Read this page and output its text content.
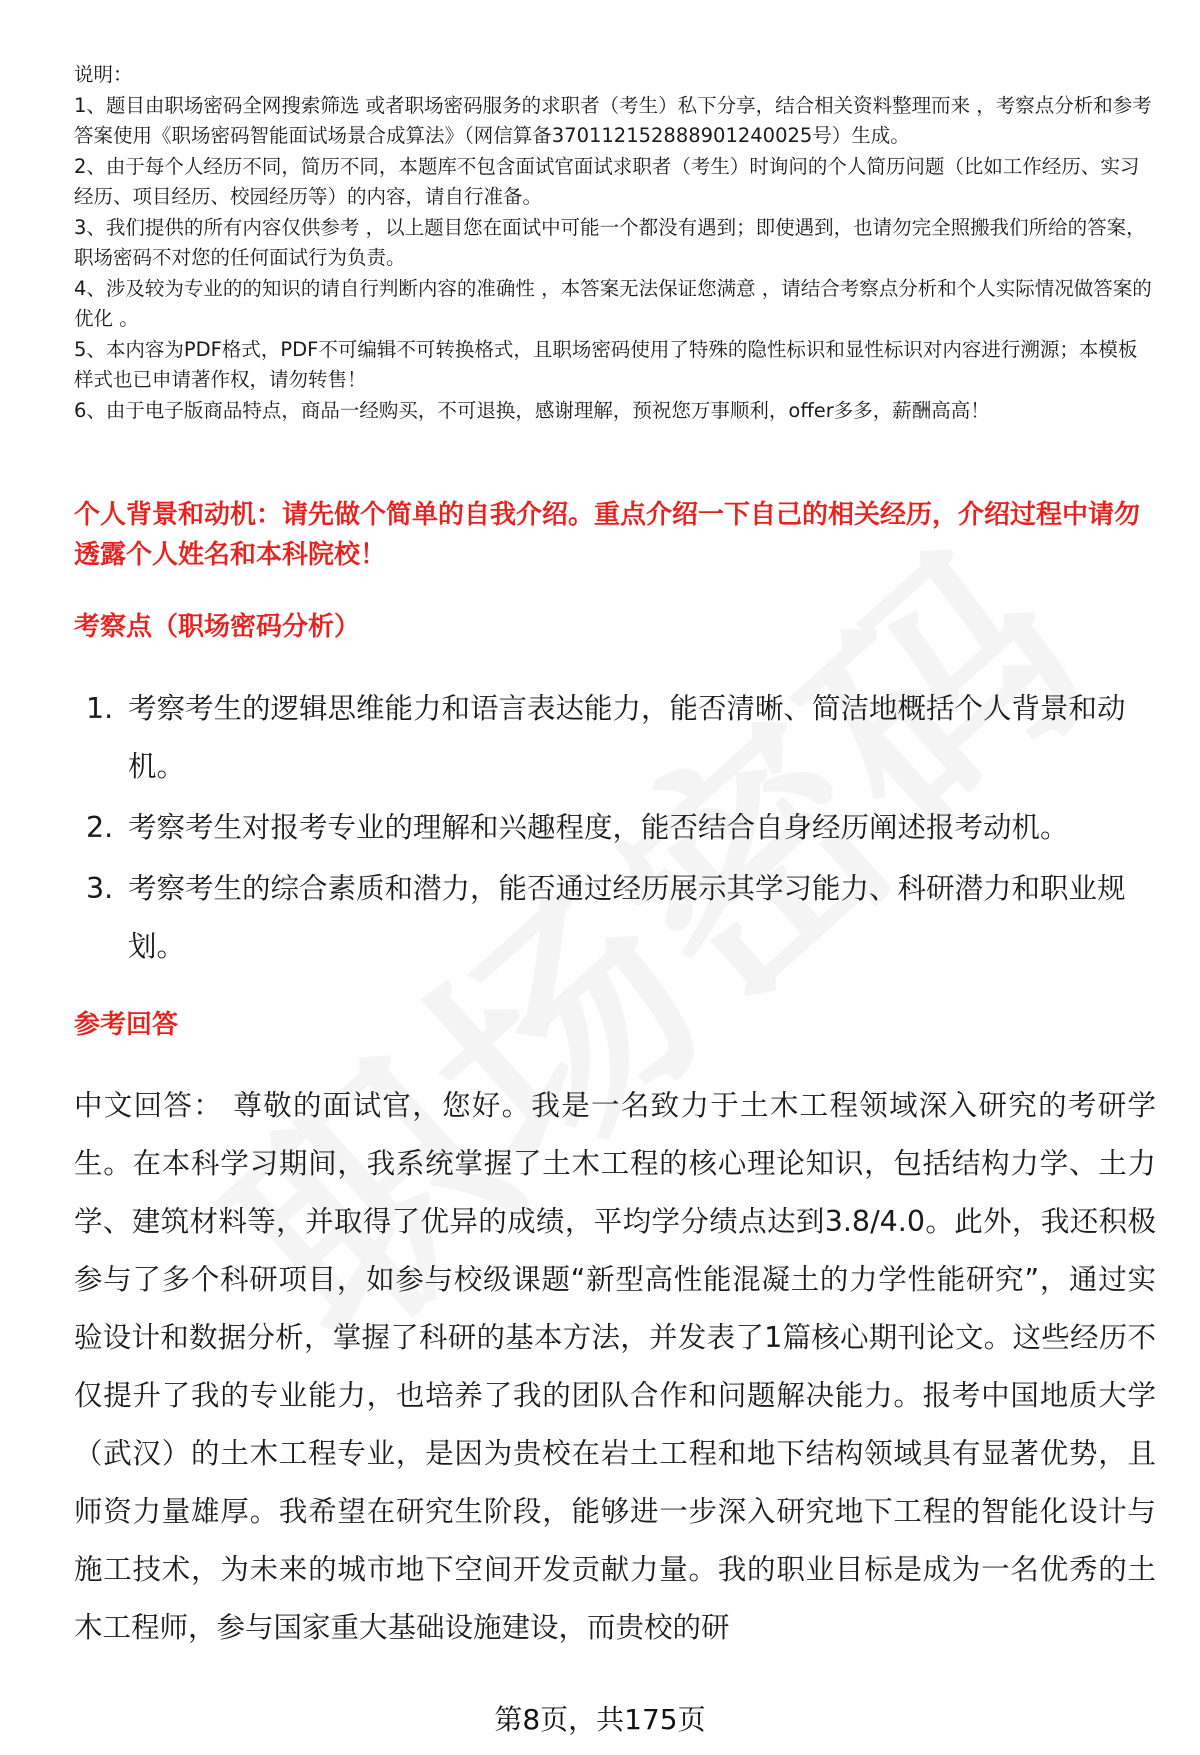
说明：

1、题目由职场密码全网搜索筛选 或者职场密码服务的求职者（考生）私下分享，结合相关资料整理而来 ，考察点分析和参考答案使用《职场密码智能面试场景合成算法》（网信算备370112152888901240025号）生成。

2、由于每个人经历不同，简历不同，本题库不包含面试官面试求职者（考生）时询问的个人简历问题（比如工作经历、实习经历、项目经历、校园经历等）的内容，请自行准备。

3、我们提供的所有内容仅供参考 ，以上题目您在面试中可能一个都没有遇到；即使遇到，也请勿完全照搬我们所给的答案，职场密码不对您的任何面试行为负责。

4、涉及较为专业的的知识的请自行判断内容的准确性 ，本答案无法保证您满意 ，请结合考察点分析和个人实际情况做答案的优化 。

5、本内容为PDF格式，PDF不可编辑不可转换格式，且职场密码使用了特殊的隐性标识和显性标识对内容进行溯源；本模板样式也已申请著作权，请勿转售！

6、由于电子版商品特点，商品一经购买，不可退换，感谢理解，预祝您万事顺利，offer多多，薪酬高高！

个人背景和动机：请先做个简单的自我介绍。重点介绍一下自己的相关经历，介绍过程中请勿透露个人姓名和本科院校！
考察点（职场密码分析）
1. 考察考生的逻辑思维能力和语言表达能力，能否清晰、简洁地概括个人背景和动机。
2. 考察考生对报考专业的理解和兴趣程度，能否结合自身经历阐述报考动机。
3. 考察考生的综合素质和潜力，能否通过经历展示其学习能力、科研潜力和职业规划。
参考回答

中文回答： 尊敬的面试官，您好。我是一名致力于土木工程领域深入研究的考研学生。在本科学习期间，我系统掌握了土木工程的核心理论知识，包括结构力学、土力学、建筑材料等，并取得了优异的成绩，平均学分绩点达到3.8/4.0。此外，我还积极参与了多个科研项目，如参与校级课题“新型高性能混凝土的力学性能研究”，通过实验设计和数据分析，掌握了科研的基本方法，并发表了1篇核心期刊论文。这些经历不仅提升了我的专业能力，也培养了我的团队合作和问题解决能力。报考中国地质大学（武汉）的土木工程专业，是因为贵校在岩土工程和地下结构领域具有显著优势，且师资力量雄厚。我希望在研究生阶段，能够进一步深入研究地下工程的智能化设计与施工技术，为未来的城市地下空间开发贡献力量。我的职业目标是成为一名优秀的土木工程师，参与国家重大基础设施建设，而贵校的研

第8页，共175页
